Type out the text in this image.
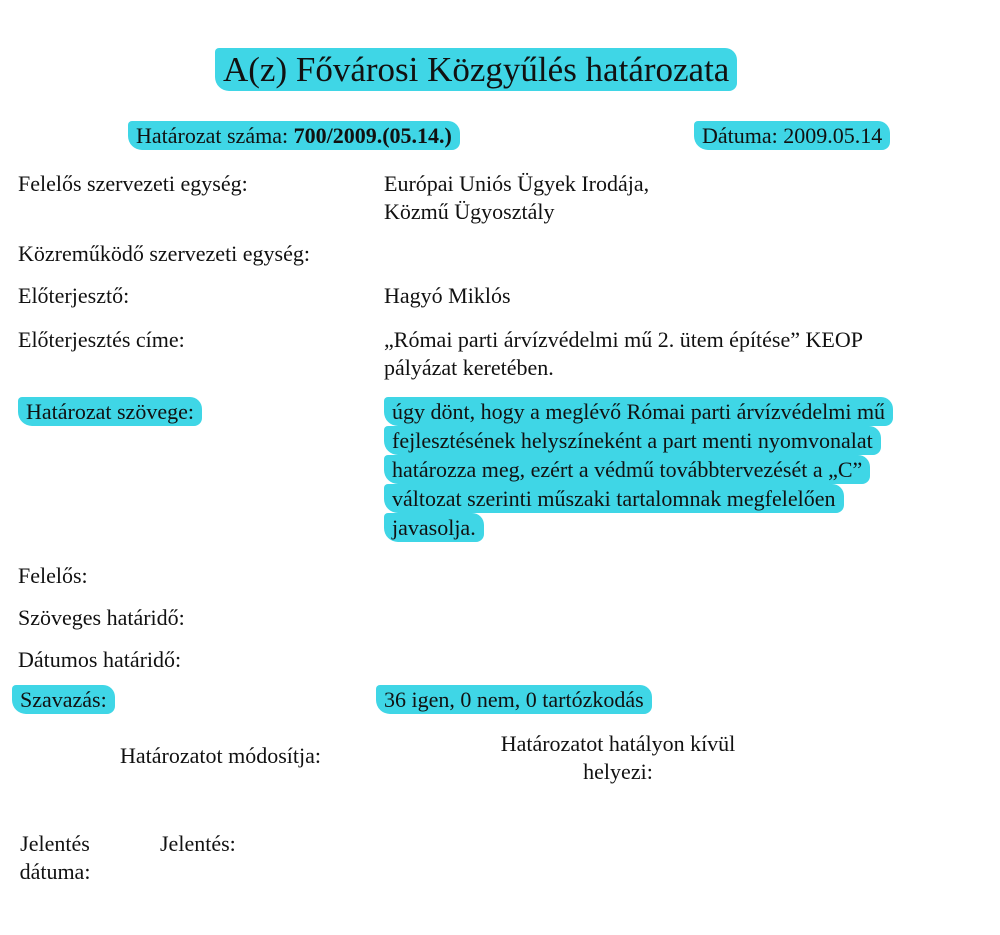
A(z) Fővárosi Közgyűlés határozata
Határozat száma: 700/2009.(05.14.)	Dátuma: 2009.05.14
Felelős szervezeti egység:	Európai Uniós Ügyek Irodája,
Közmű Ügyosztály
Közreműködő szervezeti egység:
Előterjesztő:	Hagyó Miklós
Előterjesztés címe:	„Római parti árvízvédelmi mű 2. ütem építése” KEOP
pályázat keretében.
Határozat szövege:	úgy dönt, hogy a meglévő Római parti árvízvédelmi mű
fejlesztésének helyszíneként a part menti nyomvonalat
határozza meg, ezért a védmű továbbtervezését a „C”
változat szerinti műszaki tartalomnak megfelelően
javasolja.
Felelős:
Szöveges határidő:
Dátumos határidő:
Szavazás:	36 igen, 0 nem, 0 tartózkodás
Határozatot módosítja:	Határozatot hatályon kívül
helyezi:
Jelentés
dátuma:
Jelentés:
